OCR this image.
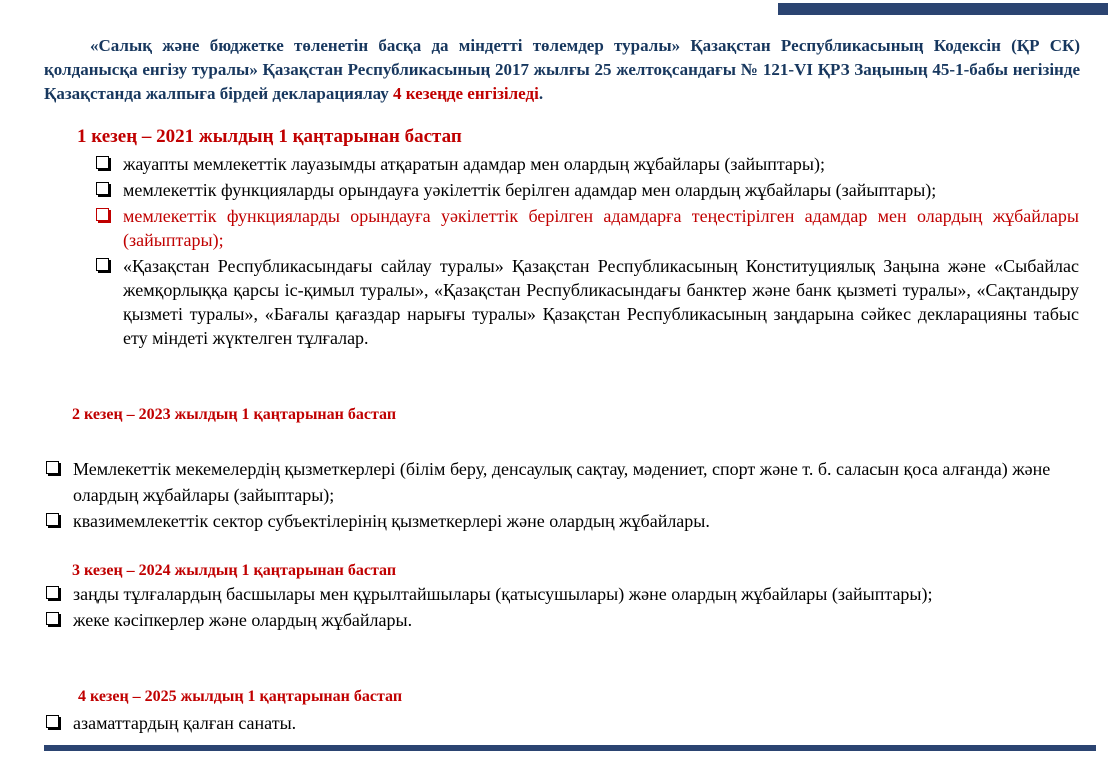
«Салық және бюджетке төленетін басқа да міндетті төлемдер туралы» Қазақстан Республикасының Кодексін (ҚР СК) қолданысқа енгізу туралы» Қазақстан Республикасының 2017 жылғы 25 желтоқсандағы № 121-VI ҚРЗ Заңының 45-1-бабы негізінде Қазақстанда жалпыға бірдей декларациялау 4 кезеңде енгізіледі.

1 кезең – 2021 жылдың 1 қаңтарынан бастап
жауапты мемлекеттік лауазымды атқаратын адамдар мен олардың жұбайлары (зайыптары);
мемлекеттік функцияларды орындауға уәкілеттік берілген адамдар мен олардың жұбайлары (зайыптары);
мемлекеттік функцияларды орындауға уәкілеттік берілген адамдарға теңестірілген адамдар мен олардың жұбайлары (зайыптары);
«Қазақстан Республикасындағы сайлау туралы» Қазақстан Республикасының Конституциялық Заңына және «Сыбайлас жемқорлыққа қарсы іс-қимыл туралы», «Қазақстан Республикасындағы банктер және банк қызметі туралы», «Сақтандыру қызметі туралы», «Бағалы қағаздар нарығы туралы» Қазақстан Республикасының заңдарына сәйкес декларацияны табыс ету міндеті жүктелген тұлғалар.
2 кезең – 2023 жылдың 1 қаңтарынан бастап
Мемлекеттік мекемелердің қызметкерлері (білім беру, денсаулық сақтау, мәдениет, спорт және т. б. саласын қоса алғанда) және олардың жұбайлары (зайыптары);
квазимемлекеттік сектор субъектілерінің қызметкерлері және олардың жұбайлары.
3 кезең – 2024 жылдың 1 қаңтарынан бастап
заңды тұлғалардың басшылары мен құрылтайшылары (қатысушылары) және олардың жұбайлары (зайыптары);
жеке кәсіпкерлер және олардың жұбайлары.
4 кезең – 2025 жылдың 1 қаңтарынан бастап
азаматтардың қалған санаты.
